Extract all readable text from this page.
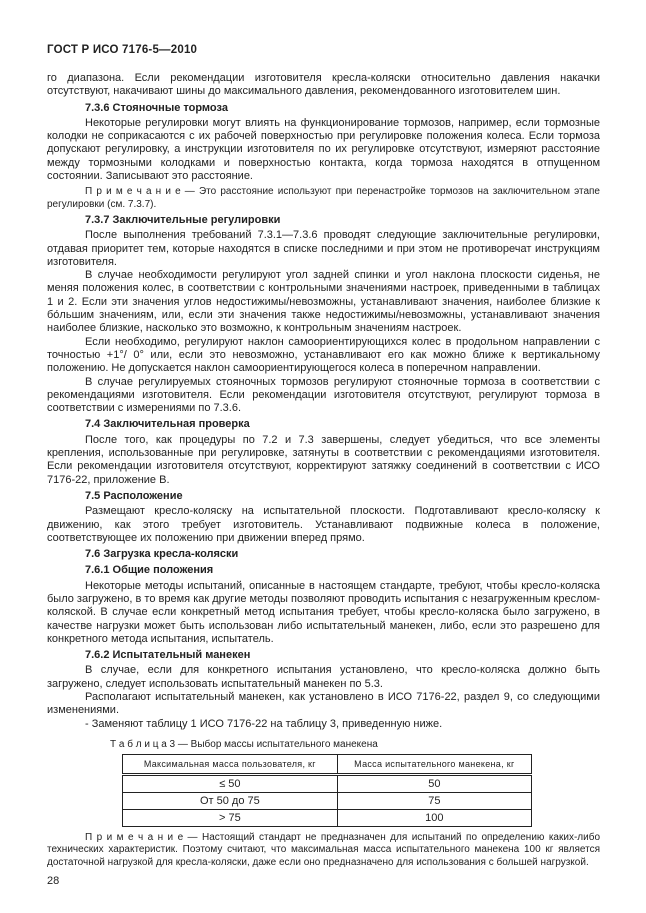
ГОСТ Р ИСО 7176-5—2010

го диапазона. Если рекомендации изготовителя кресла-коляски относительно давления накачки отсутствуют, накачивают шины до максимального давления, рекомендованного изготовителем шин.

7.3.6 Стояночные тормоза

Некоторые регулировки могут влиять на функционирование тормозов, например, если тормозные колодки не соприкасаются с их рабочей поверхностью при регулировке положения колеса. Если тормоза допускают регулировку, а инструкции изготовителя по их регулировке отсутствуют, измеряют расстояние между тормозными колодками и поверхностью контакта, когда тормоза находятся в отпущенном состоянии. Записывают это расстояние.

П р и м е ч а н и е — Это расстояние используют при перенастройке тормозов на заключительном этапе регулировки (см. 7.3.7).

7.3.7 Заключительные регулировки

После выполнения требований 7.3.1—7.3.6 проводят следующие заключительные регулировки, отдавая приоритет тем, которые находятся в списке последними и при этом не противоречат инструкциям изготовителя.

В случае необходимости регулируют угол задней спинки и угол наклона плоскости сиденья, не меняя положения колес, в соответствии с контрольными значениями настроек, приведенными в таблицах 1 и 2. Если эти значения углов недостижимы/невозможны, устанавливают значения, наиболее близкие к бо́льшим значениям, или, если эти значения также недостижимы/невозможны, устанавливают значения наиболее близкие, насколько это возможно, к контрольным значениям настроек.

Если необходимо, регулируют наклон самоориентирующихся колес в продольном направлении с точностью +1°/ 0° или, если это невозможно, устанавливают его как можно ближе к вертикальному положению. Не допускается наклон самоориентирующегося колеса в поперечном направлении.

В случае регулируемых стояночных тормозов регулируют стояночные тормоза в соответствии с рекомендациями изготовителя. Если рекомендации изготовителя отсутствуют, регулируют тормоза в соответствии с измерениями по 7.3.6.

7.4 Заключительная проверка

После того, как процедуры по 7.2 и 7.3 завершены, следует убедиться, что все элементы крепления, использованные при регулировке, затянуты в соответствии с рекомендациями изготовителя. Если рекомендации изготовителя отсутствуют, корректируют затяжку соединений в соответствии с ИСО 7176-22, приложение В.

7.5 Расположение

Размещают кресло-коляску на испытательной плоскости. Подготавливают кресло-коляску к движению, как этого требует изготовитель. Устанавливают подвижные колеса в положение, соответствующее их положению при движении вперед прямо.

7.6 Загрузка кресла-коляски

7.6.1 Общие положения

Некоторые методы испытаний, описанные в настоящем стандарте, требуют, чтобы кресло-коляска было загружено, в то время как другие методы позволяют проводить испытания с незагруженным креслом-коляской. В случае если конкретный метод испытания требует, чтобы кресло-коляска было загружено, в качестве нагрузки может быть использован либо испытательный манекен, либо, если это разрешено для конкретного метода испытания, испытатель.

7.6.2 Испытательный манекен

В случае, если для конкретного испытания установлено, что кресло-коляска должно быть загружено, следует использовать испытательный манекен по 5.3.

Располагают испытательный манекен, как установлено в ИСО 7176-22, раздел 9, со следующими изменениями.

- Заменяют таблицу 1 ИСО 7176-22 на таблицу 3, приведенную ниже.

Т а б л и ц а 3 — Выбор массы испытательного манекена
Максимальная масса пользователя, кг	Масса испытательного манекена, кг
≤ 50	50
От 50 до 75	75
> 75	100
П р и м е ч а н и е — Настоящий стандарт не предназначен для испытаний по определению каких-либо технических характеристик. Поэтому считают, что максимальная масса испытательного манекена 100 кг является достаточной нагрузкой для кресла-коляски, даже если оно предназначено для использования с большей нагрузкой.
28
